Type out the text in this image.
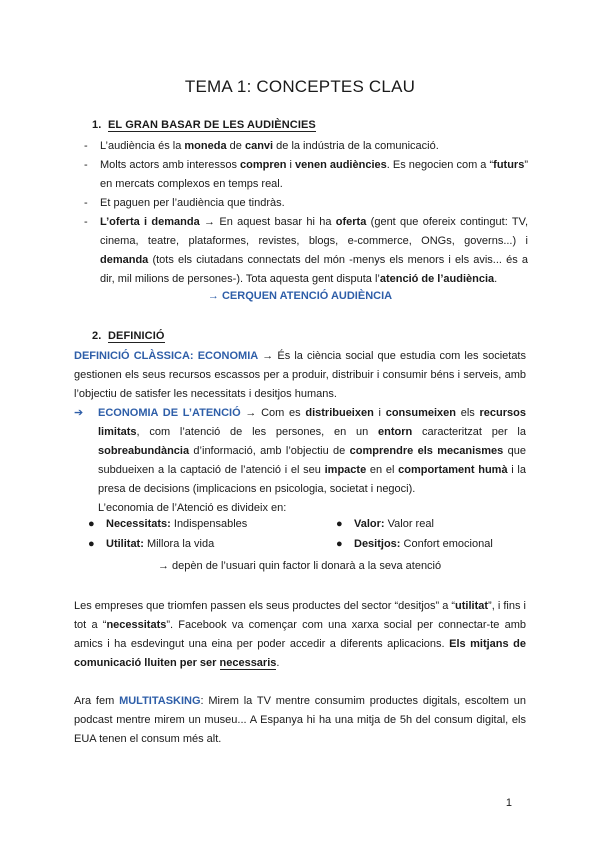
TEMA 1: CONCEPTES CLAU
1. EL GRAN BASAR DE LES AUDIÈNCIES
- L’audiència és la moneda de canvi de la indústria de la comunicació.
- Molts actors amb interessos compren i venen audiències. Es negocien com a “futurs” en mercats complexos en temps real.
- Et paguen per l’audiència que tindràs.
- L’oferta i demanda → En aquest basar hi ha oferta (gent que ofereix contingut: TV, cinema, teatre, plataformes, revistes, blogs, e-commerce, ONGs, governs...) i demanda (tots els ciutadans connectats del món -menys els menors i els avis... és a dir, mil milions de persones-). Tota aquesta gent disputa l’atenció de l’audiència.
→ CERQUEN ATENCIÓ AUDIÈNCIA
2. DEFINICIÓ

DEFINICIÓ CLÀSSICA: ECONOMIA → És la ciència social que estudia com les societats gestionen els seus recursos escassos per a produir, distribuir i consumir béns i serveis, amb l’objectiu de satisfer les necessitats i desitjos humans.

➔	ECONOMIA DE L’ATENCIÓ → Com es distribueixen i consumeixen els recursos limitats, com l’atenció de les persones, en un entorn caracteritzat per la sobreabundància d’informació, amb l’objectiu de comprendre els mecanismes que subdueixen a la captació de l’atenció i el seu impacte en el comportament humà i la presa de decisions (implicacions en psicologia, societat i negoci).

L’economia de l’Atenció es divideix en:

● Necessitats: Indispensables	● Valor: Valor real
● Utilitat: Millora la vida	● Desitjos: Confort emocional

→ depèn de l’usuari quin factor li donarà a la seva atenció

Les empreses que triomfen passen els seus productes del sector “desitjos” a “utilitat”, i fins i tot a “necessitats”. Facebook va començar com una xarxa social per connectar-te amb amics i ha esdevingut una eina per poder accedir a diferents aplicacions. Els mitjans de comunicació lluiten per ser necessaris.

Ara fem MULTITASKING: Mirem la TV mentre consumim productes digitals, escoltem un podcast mentre mirem un museu... A Espanya hi ha una mitja de 5h del consum digital, els EUA tenen el consum més alt.

1
